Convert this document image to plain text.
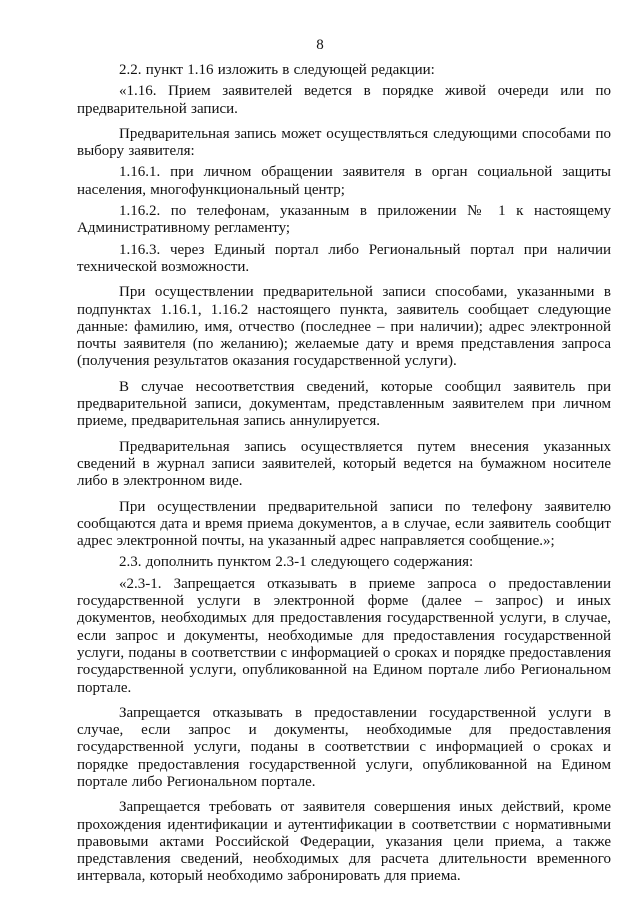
8

2.2. пункт 1.16 изложить в следующей редакции:

«1.16. Прием заявителей ведется в порядке живой очереди или по предварительной записи.

Предварительная запись может осуществляться следующими способами по выбору заявителя:

1.16.1. при личном обращении заявителя в орган социальной защиты населения, многофункциональный центр;

1.16.2. по телефонам, указанным в приложении № 1 к настоящему Административному регламенту;

1.16.3. через Единый портал либо Региональный портал при наличии технической возможности.

При осуществлении предварительной записи способами, указанными в подпунктах 1.16.1, 1.16.2 настоящего пункта, заявитель сообщает следующие данные: фамилию, имя, отчество (последнее – при наличии); адрес электронной почты заявителя (по желанию); желаемые дату и время представления запроса (получения результатов оказания государственной услуги).

В случае несоответствия сведений, которые сообщил заявитель при предварительной записи, документам, представленным заявителем при личном приеме, предварительная запись аннулируется.

Предварительная запись осуществляется путем внесения указанных сведений в журнал записи заявителей, который ведется на бумажном носителе либо в электронном виде.

При осуществлении предварительной записи по телефону заявителю сообщаются дата и время приема документов, а в случае, если заявитель сообщит адрес электронной почты, на указанный адрес направляется сообщение.»;

2.3. дополнить пунктом 2.3-1 следующего содержания:

«2.3-1. Запрещается отказывать в приеме запроса о предоставлении государственной услуги в электронной форме (далее – запрос) и иных документов, необходимых для предоставления государственной услуги, в случае, если запрос и документы, необходимые для предоставления государственной услуги, поданы в соответствии с информацией о сроках и порядке предоставления государственной услуги, опубликованной на Едином портале либо Региональном портале.

Запрещается отказывать в предоставлении государственной услуги в случае, если запрос и документы, необходимые для предоставления государственной услуги, поданы в соответствии с информацией о сроках и порядке предоставления государственной услуги, опубликованной на Едином портале либо Региональном портале.

Запрещается требовать от заявителя совершения иных действий, кроме прохождения идентификации и аутентификации в соответствии с нормативными правовыми актами Российской Федерации, указания цели приема, а также представления сведений, необходимых для расчета длительности временного интервала, который необходимо забронировать для приема.
